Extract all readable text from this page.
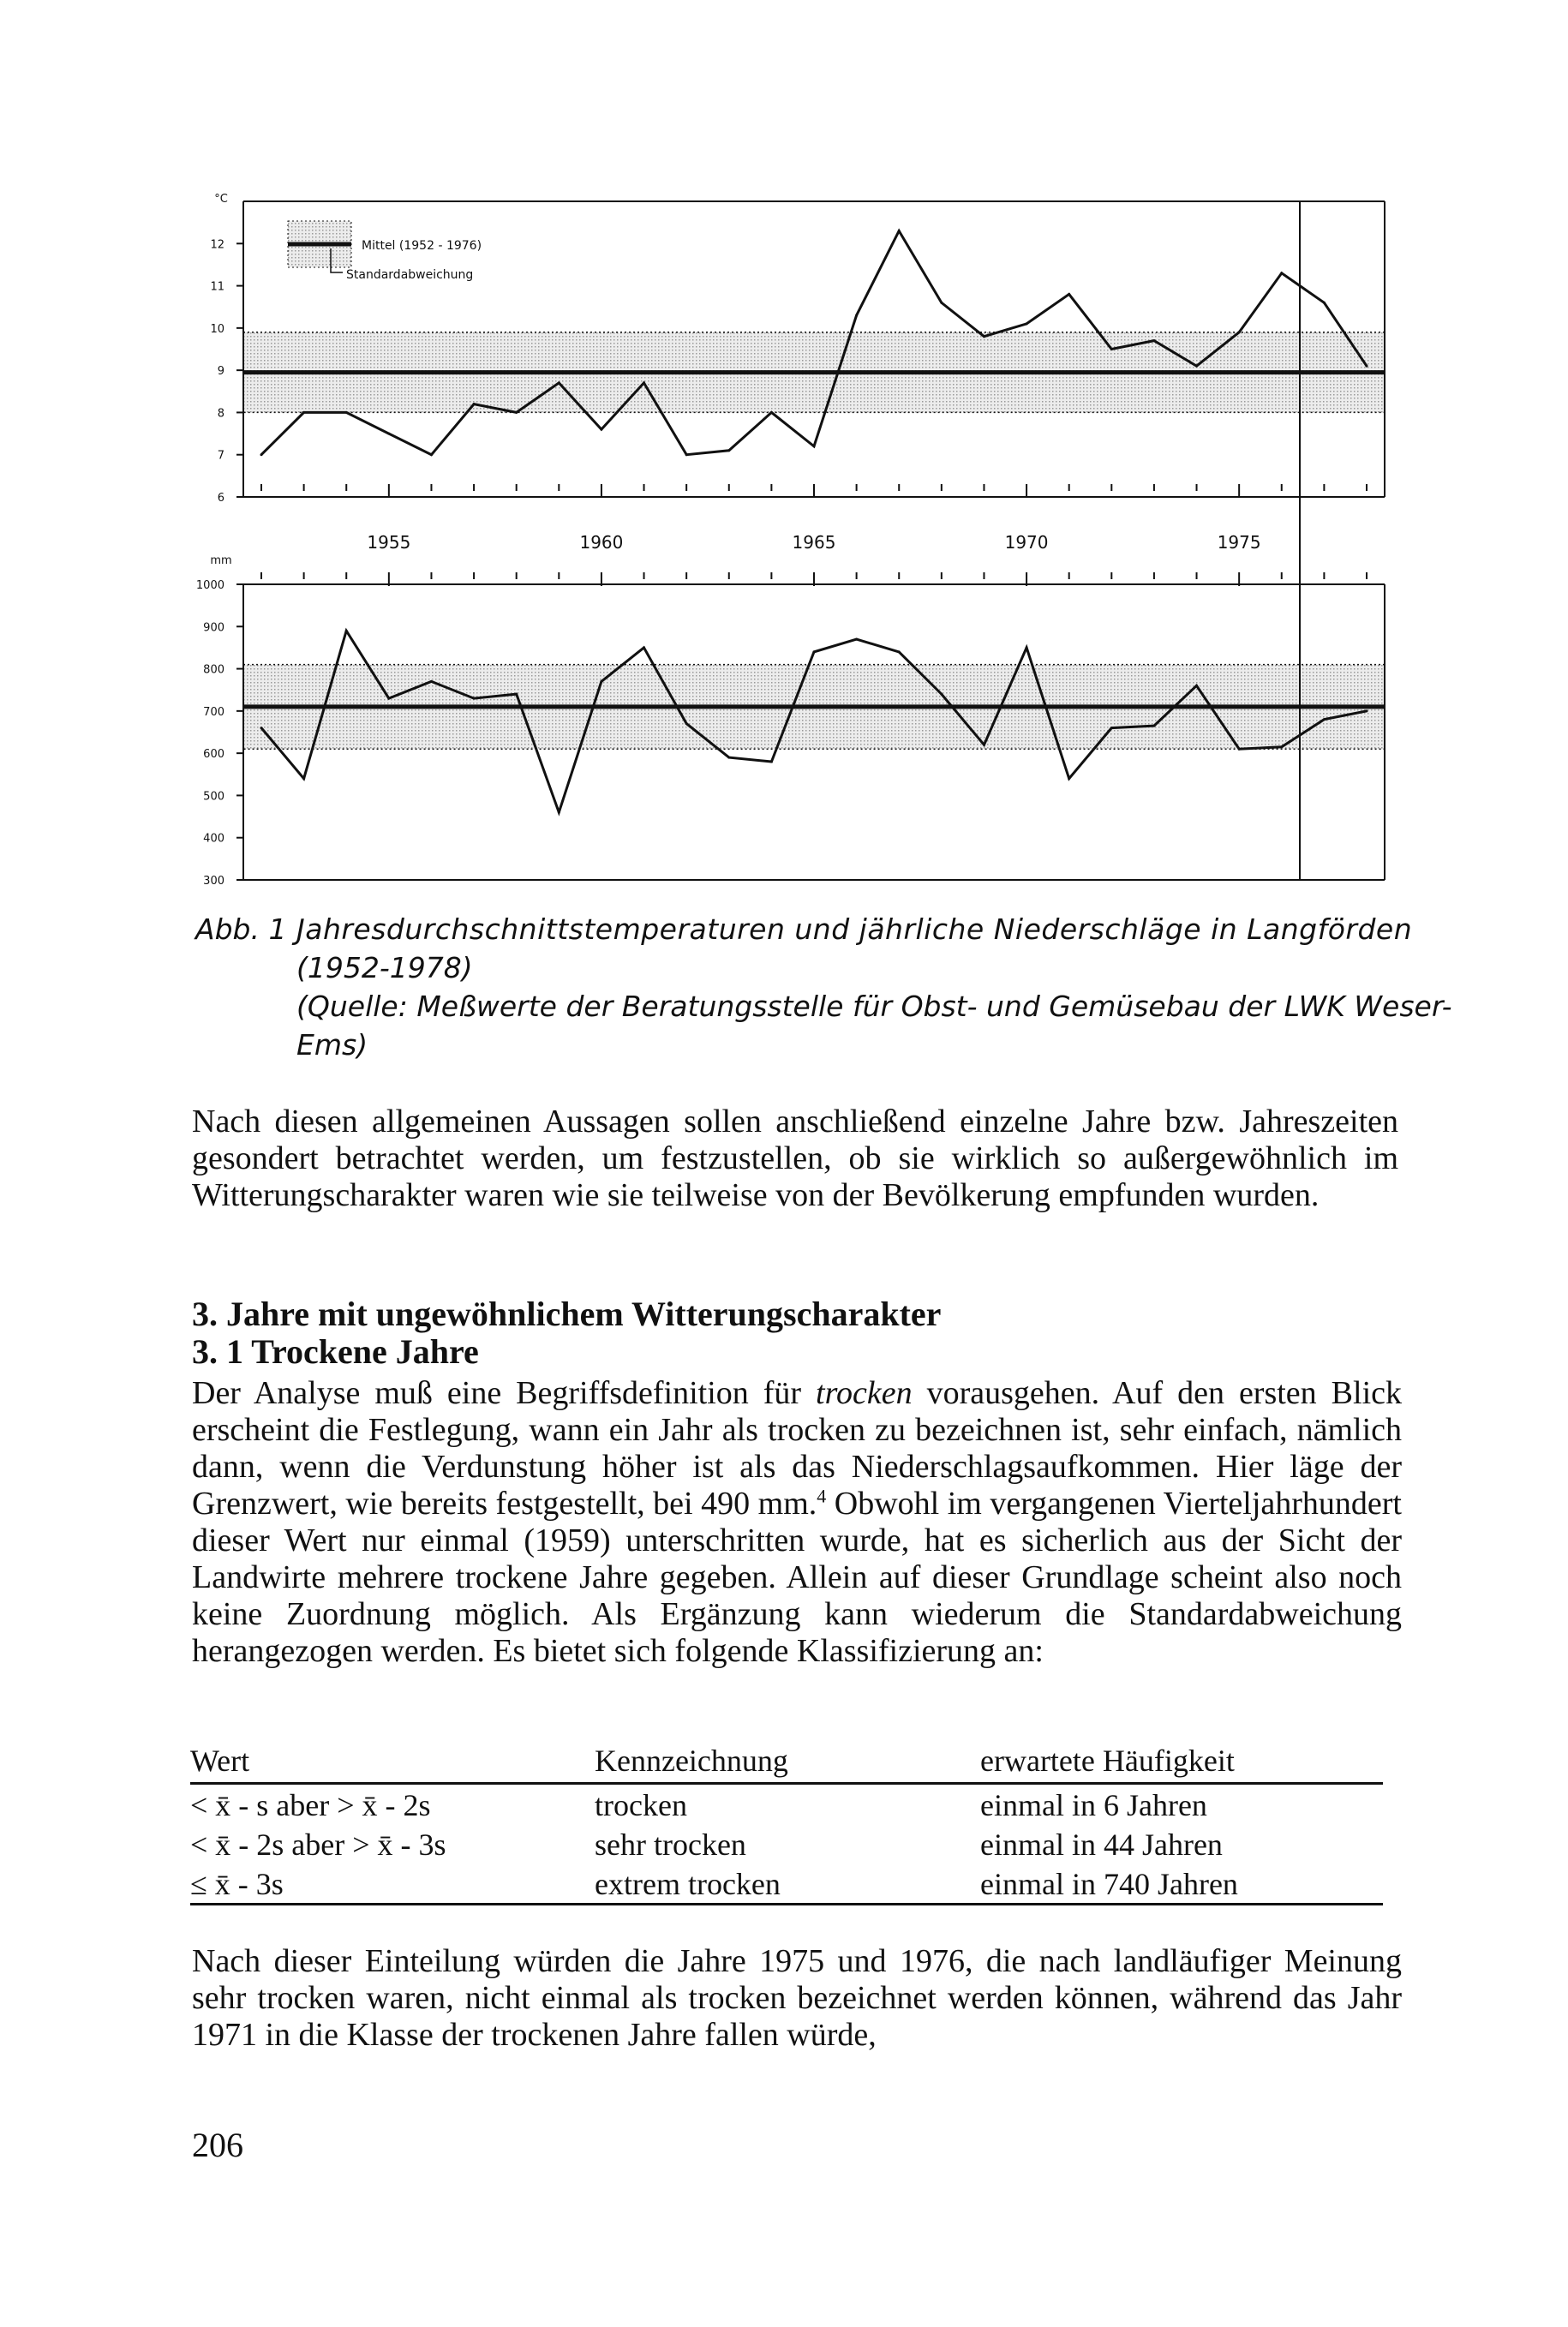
12
11
10
9
8
7
6
°C
1955	1960	1965	1970	1975
Mittel (1952 - 1976)
Standardabweichung
1000
900
800
700
600
500
400
300
mm
Abb. 1 Jahresdurchschnittstemperaturen und jährliche Niederschläge in Langförden
(1952-1978)
(Quelle: Meßwerte der Beratungsstelle für Obst- und Gemüsebau der LWK Weser-
Ems)
Nach diesen allgemeinen Aussagen sollen anschließend einzelne Jahre bzw. Jahreszeiten gesondert betrachtet werden, um festzustellen, ob sie wirklich so außergewöhnlich im Witterungscharakter waren wie sie teilweise von der Bevölkerung empfunden wurden.
3. Jahre mit ungewöhnlichem Witterungscharakter
3. 1 Trockene Jahre
Der Analyse muß eine Begriffsdefinition für trocken vorausgehen. Auf den ersten Blick erscheint die Festlegung, wann ein Jahr als trocken zu bezeichnen ist, sehr einfach, nämlich dann, wenn die Verdunstung höher ist als das Niederschlagsaufkommen. Hier läge der Grenzwert, wie bereits festgestellt, bei 490 mm.$^4$ Obwohl im vergangenen Vierteljahrhundert dieser Wert nur einmal (1959) unterschritten wurde, hat es sicherlich aus der Sicht der Landwirte mehrere trockene Jahre gegeben. Allein auf dieser Grundlage scheint also noch keine Zuordnung möglich. Als Ergänzung kann wiederum die Standardabweichung herangezogen werden. Es bietet sich folgende Klassifizierung an:
Wert	Kennzeichnung	erwartete Häufigkeit
< x̄ - s aber > x̄ - 2s	trocken	einmal in 6 Jahren
< x̄ - 2s aber > x̄ - 3s	sehr trocken	einmal in 44 Jahren
≤ x̄ - 3s	extrem trocken	einmal in 740 Jahren
Nach dieser Einteilung würden die Jahre 1975 und 1976, die nach landläufiger Meinung sehr trocken waren, nicht einmal als trocken bezeichnet werden können, während das Jahr 1971 in die Klasse der trockenen Jahre fallen würde,
206
